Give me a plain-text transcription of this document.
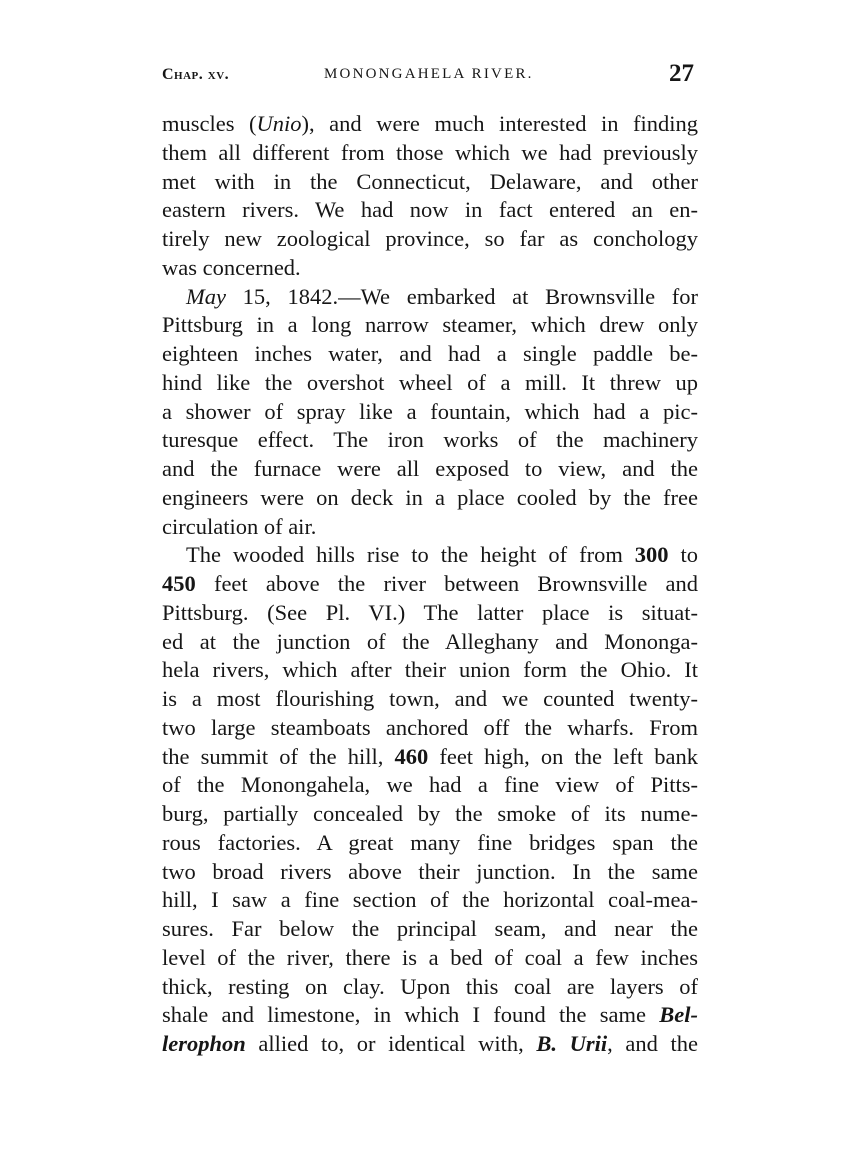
Chap. xv.	MONONGAHELA RIVER.	27
muscles (Unio), and were much interested in finding
them all different from those which we had previously
met with in the Connecticut, Delaware, and other
eastern rivers. We had now in fact entered an en-
tirely new zoological province, so far as conchology
was concerned.
May 15, 1842.—We embarked at Brownsville for
Pittsburg in a long narrow steamer, which drew only
eighteen inches water, and had a single paddle be-
hind like the overshot wheel of a mill. It threw up
a shower of spray like a fountain, which had a pic-
turesque effect. The iron works of the machinery
and the furnace were all exposed to view, and the
engineers were on deck in a place cooled by the free
circulation of air.
The wooded hills rise to the height of from 300 to
450 feet above the river between Brownsville and
Pittsburg. (See Pl. VI.) The latter place is situat-
ed at the junction of the Alleghany and Monongа-
hela rivers, which after their union form the Ohio. It
is a most flourishing town, and we counted twenty-
two large steamboats anchored off the wharfs. From
the summit of the hill, 460 feet high, on the left bank
of the Monongahela, we had a fine view of Pitts-
burg, partially concealed by the smoke of its nume-
rous factories. A great many fine bridges span the
two broad rivers above their junction. In the same
hill, I saw a fine section of the horizontal coal-mea-
sures. Far below the principal seam, and near the
level of the river, there is a bed of coal a few inches
thick, resting on clay. Upon this coal are layers of
shale and limestone, in which I found the same Bel-
lerophon allied to, or identical with, B. Urii, and the
